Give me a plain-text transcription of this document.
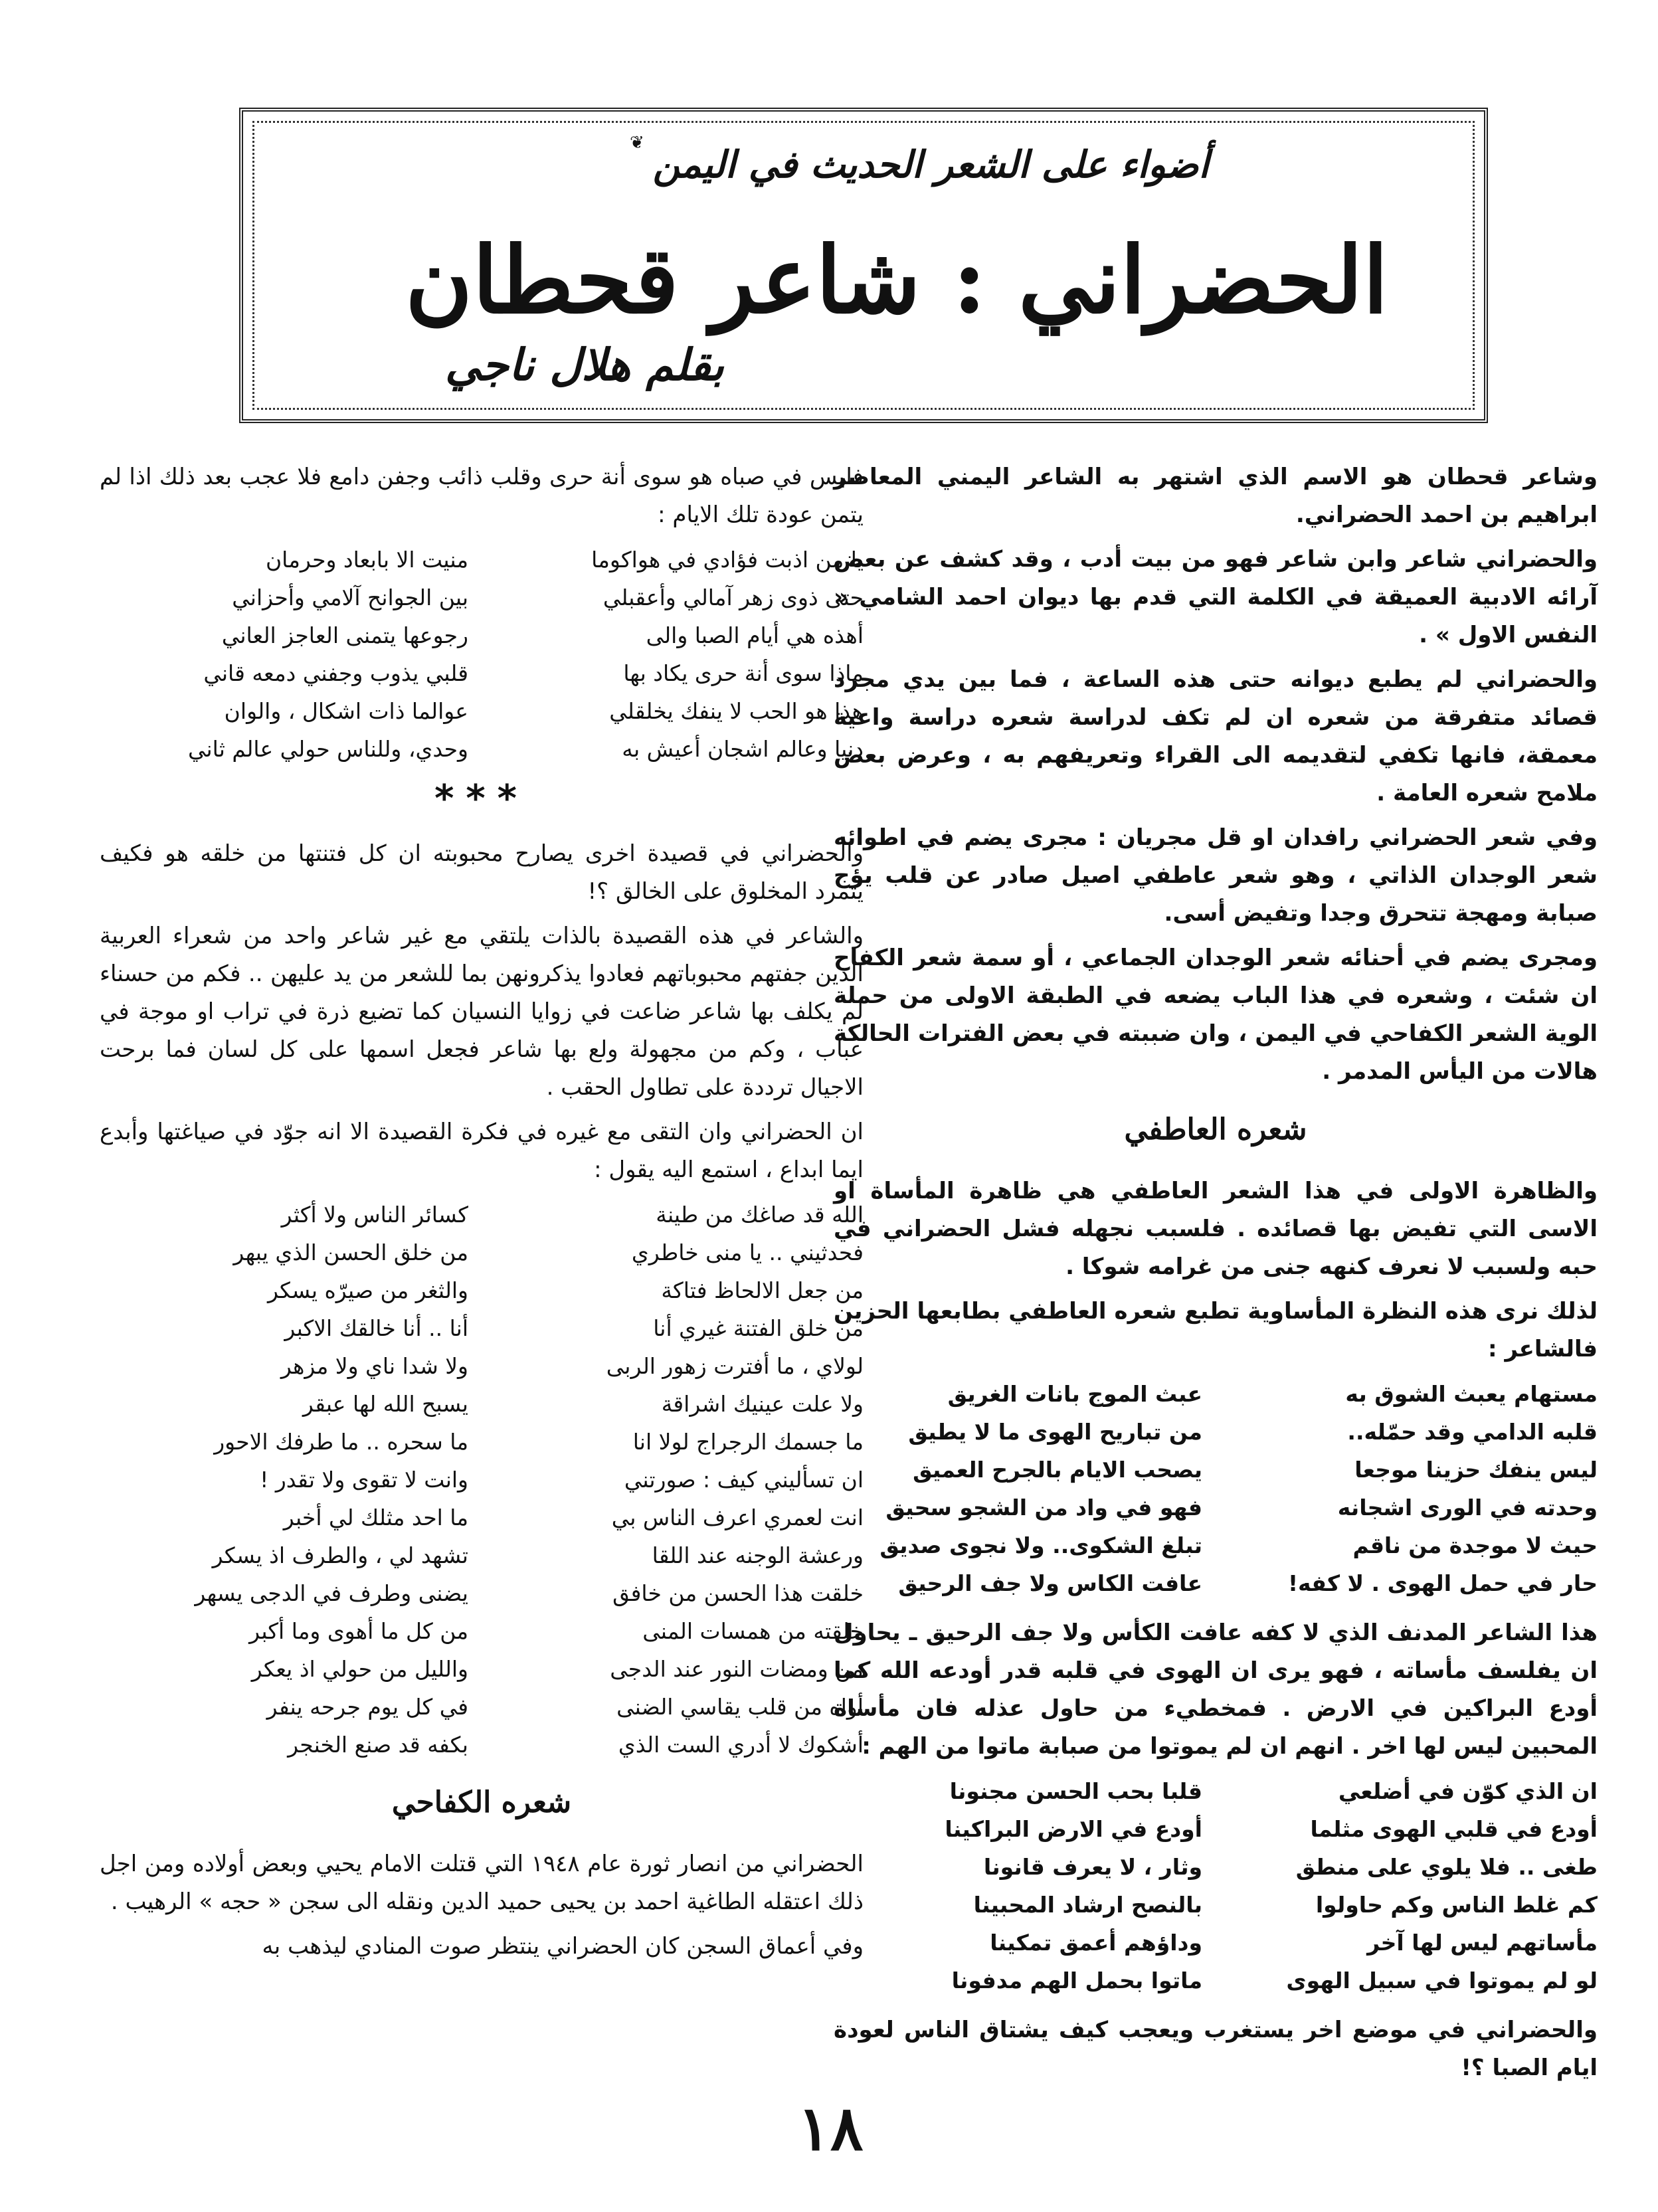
❦ أضواء على الشعر الحديث في اليمن
الحضراني : شاعر قحطان
بقلم هلال ناجي

وشاعر قحطان هو الاسم الذي اشتهر به الشاعر اليمني المعاصر ابراهيم بن احمد الحضراني.

والحضراني شاعر وابن شاعر فهو من بيت أدب ، وقد كشف عن بعض آرائه الادبية العميقة في الكلمة التي قدم بها ديوان احمد الشامي « النفس الاول » .

والحضراني لم يطبع ديوانه حتى هذه الساعة ، فما بين يدي مجرد قصائد متفرقة من شعره ان لم تكف لدراسة شعره دراسة واعية معمقة، فانها تكفي لتقديمه الى القراء وتعريفهم به ، وعرض بعض ملامح شعره العامة .

وفي شعر الحضراني رافدان او قل مجريان : مجرى يضم في اطوائه شعر الوجدان الذاتي ، وهو شعر عاطفي اصيل صادر عن قلب يؤج صبابة ومهجة تتحرق وجدا وتفيض أسى.

ومجرى يضم في أحنائه شعر الوجدان الجماعي ، أو سمة شعر الكفاح ان شئت ، وشعره في هذا الباب يضعه في الطبقة الاولى من حملة الوية الشعر الكفاحي في اليمن ، وان ضببته في بعض الفترات الحالكة هالات من اليأس المدمر .

شعره العاطفي

والظاهرة الاولى في هذا الشعر العاطفي هي ظاهرة المأساة او الاسى التي تفيض بها قصائده . فلسبب نجهله فشل الحضراني في حبه ولسبب لا نعرف كنهه جنى من غرامه شوكا .

لذلك نرى هذه النظرة المأساوية تطبع شعره العاطفي بطابعها الحزين فالشاعر :

مستهام يعبث الشوق به
عبث الموج بانات الغريق
قلبه الدامي وقد حمّله..
من تباريح الهوى ما لا يطيق
ليس ينفك حزينا موجعا
يصحب الايام بالجرح العميق
وحدته في الورى اشجانه
فهو في واد من الشجو سحيق
حيث لا موجدة من ناقم
تبلغ الشكوى.. ولا نجوى صديق
حار في حمل الهوى . لا كفه!
عافت الكاس ولا جف الرحيق

هذا الشاعر المدنف الذي لا كفه عافت الكأس ولا جف الرحيق ـ يحاول ان يفلسف مأساته ، فهو يرى ان الهوى في قلبه قدر أودعه الله كما أودع البراكين في الارض . فمخطيء من حاول عذله فان مأساة المحبين ليس لها اخر . انهم ان لم يموتوا من صبابة ماتوا من الهم :

ان الذي كوّن في أضلعي
قلبا بحب الحسن مجنونا
أودع في قلبي الهوى مثلما
أودع في الارض البراكينا
طغى .. فلا يلوي على منطق
وثار ، لا يعرف قانونا
كم غلط الناس وكم حاولوا
بالنصح ارشاد المحبينا
مأساتهم ليس لها آخر
وداؤهم أعمق تمكينا
لو لم يموتوا في سبيل الهوى
ماتوا بحمل الهم مدفونا

والحضراني في موضع اخر يستغرب ويعجب كيف يشتاق الناس لعودة ايام الصبا ؟!

فليس في صباه هو سوى أنة حرى وقلب ذائب وجفن دامع فلا عجب بعد ذلك اذا لم يتمن عودة تلك الايام :

يا من اذبت فؤادي في هواكوما
منيت الا بابعاد وحرمان
حتى ذوى زهر آمالي وأعقبلي
بين الجوانح آلامي وأحزاني
أهذه هي أيام الصبا والى
رجوعها يتمنى العاجز العاني
ماذا سوى أنة حرى يكاد بها
قلبي يذوب وجفني دمعه قاني
هذا هو الحب لا ينفك يخلقلي
عوالما ذات اشكال ، والوان
دنيا وعالم اشجان أعيش به
وحدي، وللناس حولي عالم ثاني
***

والحضراني في قصيدة اخرى يصارح محبوبته ان كل فتنتها من خلقه هو فكيف يتمرد المخلوق على الخالق ؟!

والشاعر في هذه القصيدة بالذات يلتقي مع غير شاعر واحد من شعراء العربية الذين جفتهم محبوباتهم فعادوا يذكرونهن بما للشعر من يد عليهن .. فكم من حسناء لم يكلف بها شاعر ضاعت في زوايا النسيان كما تضيع ذرة في تراب او موجة في عباب ، وكم من مجهولة ولع بها شاعر فجعل اسمها على كل لسان فما برحت الاجيال ترددة على تطاول الحقب .

ان الحضراني وان التقى مع غيره في فكرة القصيدة الا انه جوّد في صياغتها وأبدع ايما ابداع ، استمع اليه يقول :

الله قد صاغك من طينة
كسائر الناس ولا أكثر
فحدثيني .. يا منى خاطري
من خلق الحسن الذي يبهر
من جعل الالحاظ فتاكة
والثغر من صيرّه يسكر
من خلق الفتنة غيري أنا
أنا .. أنا خالقك الاكبر
لولاي ، ما أفترت زهور الربى
ولا شدا ناي ولا مزهر
ولا علت عينيك اشراقة
يسبح الله لها عبقر
ما جسمك الرجراج لولا انا
ما سحره .. ما طرفك الاحور
ان تسأليني كيف : صورتني
وانت لا تقوى ولا تقدر !
انت لعمري اعرف الناس بي
ما احد مثلك لي أخبر
ورعشة الوجنه عند اللقا
تشهد لي ، والطرف اذ يسكر
خلقت هذا الحسن من خافق
يضنى وطرف في الدجى يسهر
خلقته من همسات المنى
من كل ما أهوى وما أكبر
من ومضات النور عند الدجى
والليل من حولي اذ يعكر
أواه من قلب يقاسي الضنى
في كل يوم جرحه ينفر
أشكوك لا أدري الست الذي
بكفه قد صنع الخنجر
شعره الكفاحي

الحضراني من انصار ثورة عام ١٩٤٨ التي قتلت الامام يحيي وبعض أولاده ومن اجل ذلك اعتقله الطاغية احمد بن يحيى حميد الدين ونقله الى سجن « حجه » الرهيب .

وفي أعماق السجن كان الحضراني ينتظر صوت المنادي ليذهب به

١٨
